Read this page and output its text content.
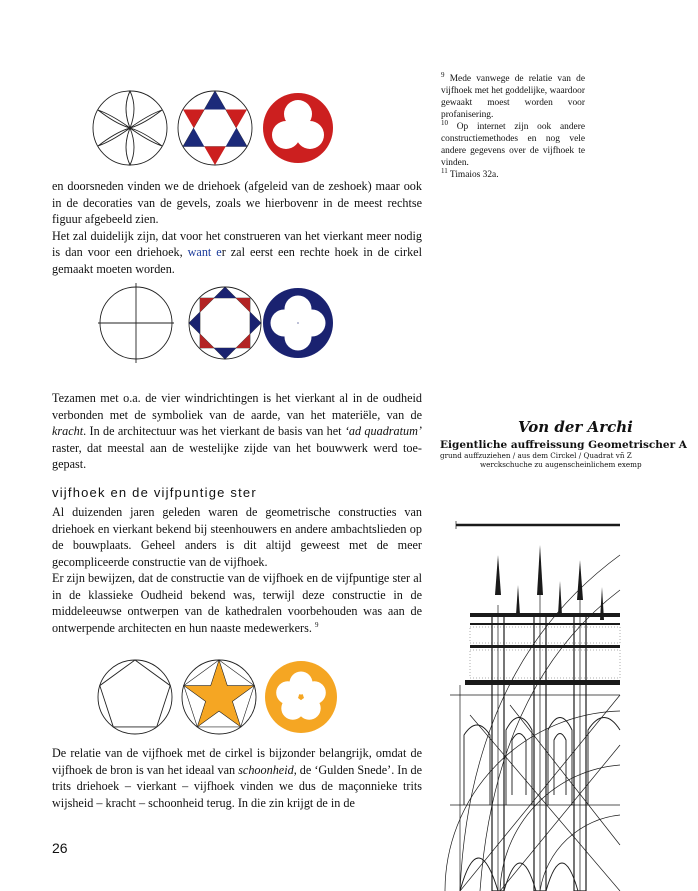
en doorsneden vinden we de driehoek (afgeleid van de zeshoek) maar ook in de decoraties van de gevels, zoals we hierbovenr in de meest rechtse figuur afgebeeld zien.

Het zal duidelijk zijn, dat voor het construeren van het vierkant meer nodig is dan voor een driehoek, want er zal eerst een rechte hoek in de cirkel gemaakt moeten worden.

Tezamen met o.a. de vier windrichtingen is het vierkant al in de oudheid verbonden met de symboliek van de aarde, van het materiële, van de kracht. In de architectuur was het vierkant de basis van het ‘ad quadratum’ raster, dat meestal aan de westelijke zijde van het bouwwerk werd toe-gepast.

vijfhoek en de vijfpuntige ster

Al duizenden jaren geleden waren de geometrische constructies van driehoek en vierkant bekend bij steenhouwers en andere ambachtslieden op de bouwplaats. Geheel anders is dit altijd geweest met de meer gecompliceerde constructie van de vijfhoek.

Er zijn bewijzen, dat de constructie van de vijfhoek en de vijfpuntige ster al in de klassieke Oudheid bekend was, terwijl deze constructie in de middeleeuwse ontwerpen van de kathedralen voorbehouden was aan de ontwerpende architecten en hun naaste medewerkers. $^9$

De relatie van de vijfhoek met de cirkel is bijzonder belangrijk, omdat de vijfhoek de bron is van het ideaal van schoonheid, de ‘Gulden Snede’. In de trits driehoek – vierkant – vijfhoek vinden we dus de maçonnieke trits wijsheid – kracht – schoonheid terug. In die zin krijgt de in de

$^9$ Mede vanwege de relatie van de vijfhoek met het goddelijke, waardoor gewaakt moest worden voor profanisering.

$^{10}$ Op internet zijn ook andere constructiemethodes en nog vele andere gegevens over de vijfhoek te vinden.

$^{11}$ Timaios 32a.

Von der Archi
Eigentliche auffreissung Geometrischer A
grund auffzuziehen / aus dem Circkel / Quadrat vñ Z
werckschuche zu augenscheinlichem exemp
26
